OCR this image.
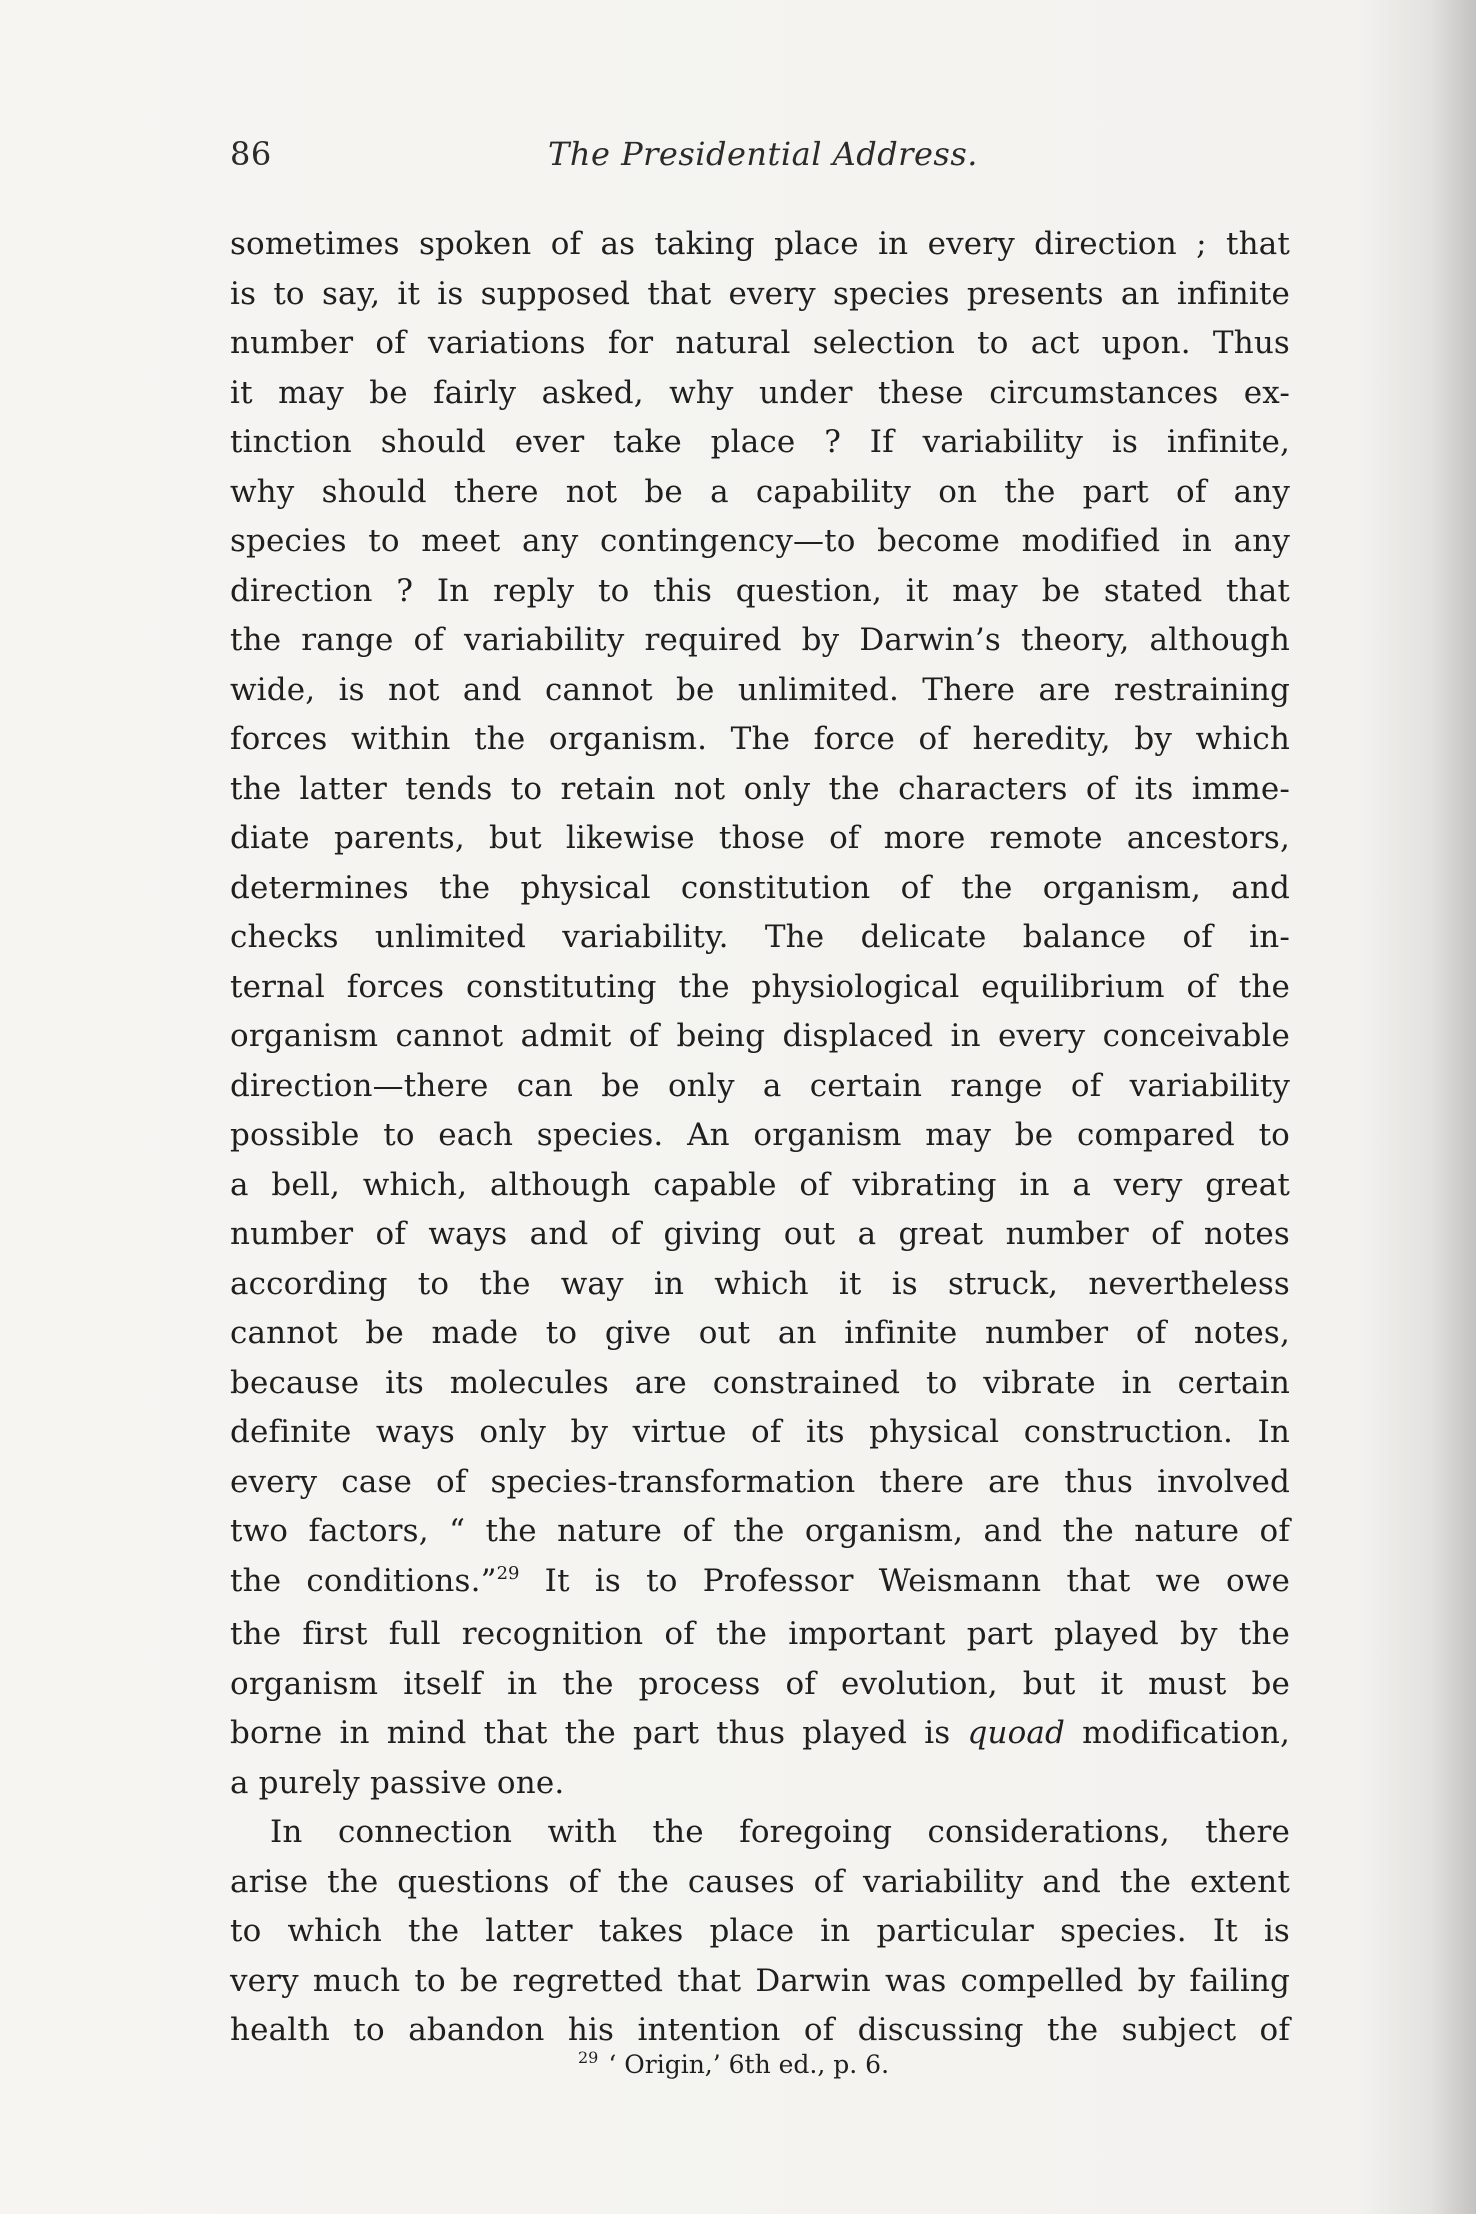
86	The Presidential Address.
sometimes spoken of as taking place in every direction ; that
is to say, it is supposed that every species presents an infinite
number of variations for natural selection to act upon. Thus
it may be fairly asked, why under these circumstances ex-
tinction should ever take place ? If variability is infinite,
why should there not be a capability on the part of any
species to meet any contingency—to become modified in any
direction ? In reply to this question, it may be stated that
the range of variability required by Darwin’s theory, although
wide, is not and cannot be unlimited. There are restraining
forces within the organism. The force of heredity, by which
the latter tends to retain not only the characters of its imme-
diate parents, but likewise those of more remote ancestors,
determines the physical constitution of the organism, and
checks unlimited variability. The delicate balance of in-
ternal forces constituting the physiological equilibrium of the
organism cannot admit of being displaced in every conceivable
direction—there can be only a certain range of variability
possible to each species. An organism may be compared to
a bell, which, although capable of vibrating in a very great
number of ways and of giving out a great number of notes
according to the way in which it is struck, nevertheless
cannot be made to give out an infinite number of notes,
because its molecules are constrained to vibrate in certain
definite ways only by virtue of its physical construction. In
every case of species-transformation there are thus involved
two factors, “ the nature of the organism, and the nature of
the conditions.”$^{29}$ It is to Professor Weismann that we owe
the first full recognition of the important part played by the
organism itself in the process of evolution, but it must be
borne in mind that the part thus played is quoad modification,
a purely passive one.
In connection with the foregoing considerations, there
arise the questions of the causes of variability and the extent
to which the latter takes place in particular species. It is
very much to be regretted that Darwin was compelled by failing
health to abandon his intention of discussing the subject of
$^{29}$ ‘ Origin,’ 6th ed., p. 6.
